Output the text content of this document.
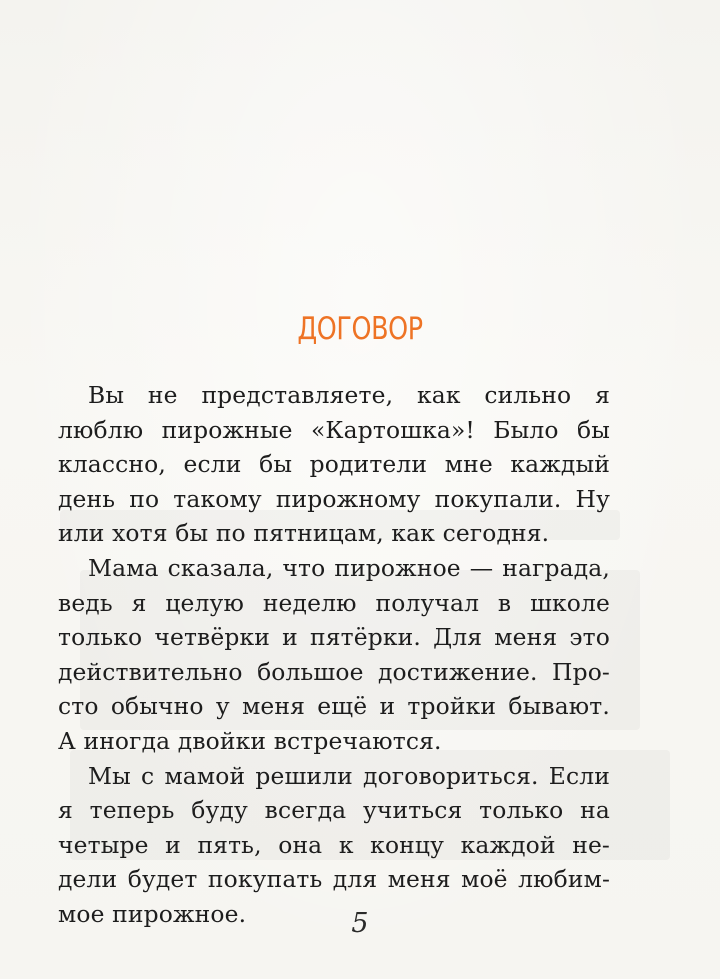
ДОГОВОР
Вы не представляете, как сильно я
люблю пирожные «Картошка»! Было бы
классно, если бы родители мне каждый
день по такому пирожному покупали. Ну
или хотя бы по пятницам, как сегодня.
Мама сказала, что пирожное — награда,
ведь я целую неделю получал в школе
только четвёрки и пятёрки. Для меня это
действительно большое достижение. Про-
сто обычно у меня ещё и тройки бывают.
А иногда двойки встречаются.
Мы с мамой решили договориться. Если
я теперь буду всегда учиться только на
четыре и пять, она к концу каждой не-
дели будет покупать для меня моё любим-
мое пирожное.	5
